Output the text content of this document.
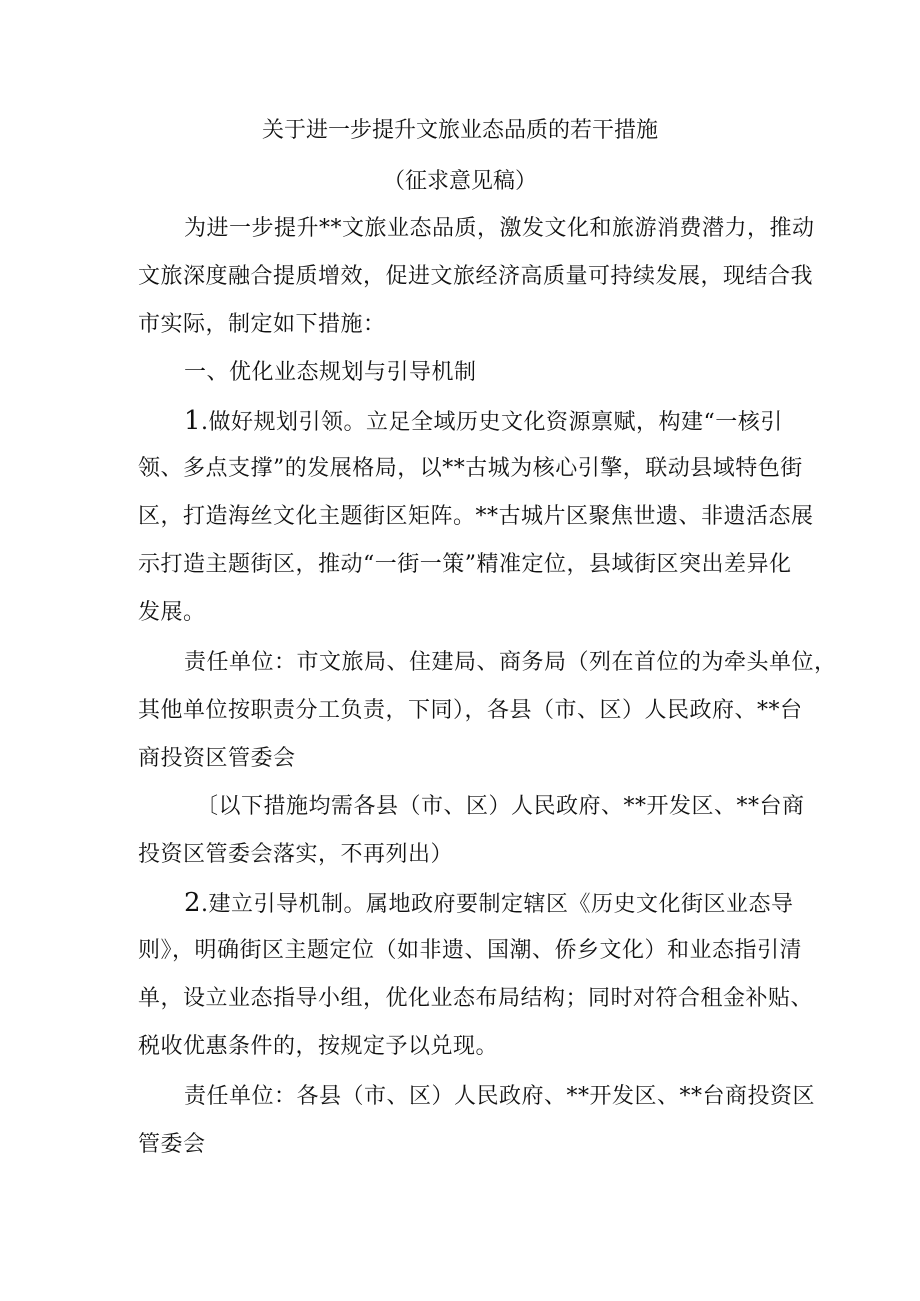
关于进一步提升文旅业态品质的若干措施
（征求意见稿）
为进一步提升**文旅业态品质，激发文化和旅游消费潜力，推动
文旅深度融合提质增效，促进文旅经济高质量可持续发展，现结合我
市实际，制定如下措施：
一、优化业态规划与引导机制
1.做好规划引领。立足全域历史文化资源禀赋，构建“一核引
领、多点支撑”的发展格局，以**古城为核心引擎，联动县域特色街
区，打造海丝文化主题街区矩阵。**古城片区聚焦世遗、非遗活态展
示打造主题街区，推动“一街一策”精准定位，县域街区突出差异化
发展。
责任单位：市文旅局、住建局、商务局（列在首位的为牵头单位，
其他单位按职责分工负责，下同），各县（市、区）人民政府、**台
商投资区管委会
〔以下措施均需各县（市、区）人民政府、**开发区、**台商
投资区管委会落实，不再列出）
2.建立引导机制。属地政府要制定辖区《历史文化街区业态导
则》，明确街区主题定位（如非遗、国潮、侨乡文化）和业态指引清
单，设立业态指导小组，优化业态布局结构；同时对符合租金补贴、
税收优惠条件的，按规定予以兑现。
责任单位：各县（市、区）人民政府、**开发区、**台商投资区
管委会
